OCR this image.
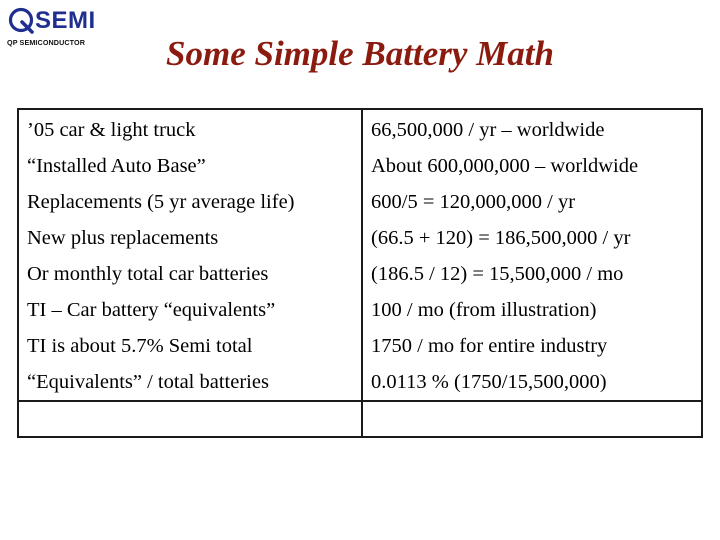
SEMI
QP SEMICONDUCTOR	Some Simple Battery Math
’05 car & light truck	66,500,000 / yr – worldwide
“Installed Auto Base”	About 600,000,000 – worldwide
Replacements (5 yr average life)	600/5 = 120,000,000 / yr
New plus replacements	(66.5 + 120) = 186,500,000 / yr
Or monthly total car batteries	(186.5 / 12) = 15,500,000 / mo
TI – Car battery “equivalents”	100 / mo (from illustration)
TI is about 5.7% Semi total	1750 / mo for entire industry
“Equivalents” / total batteries	0.0113 % (1750/15,500,000)
